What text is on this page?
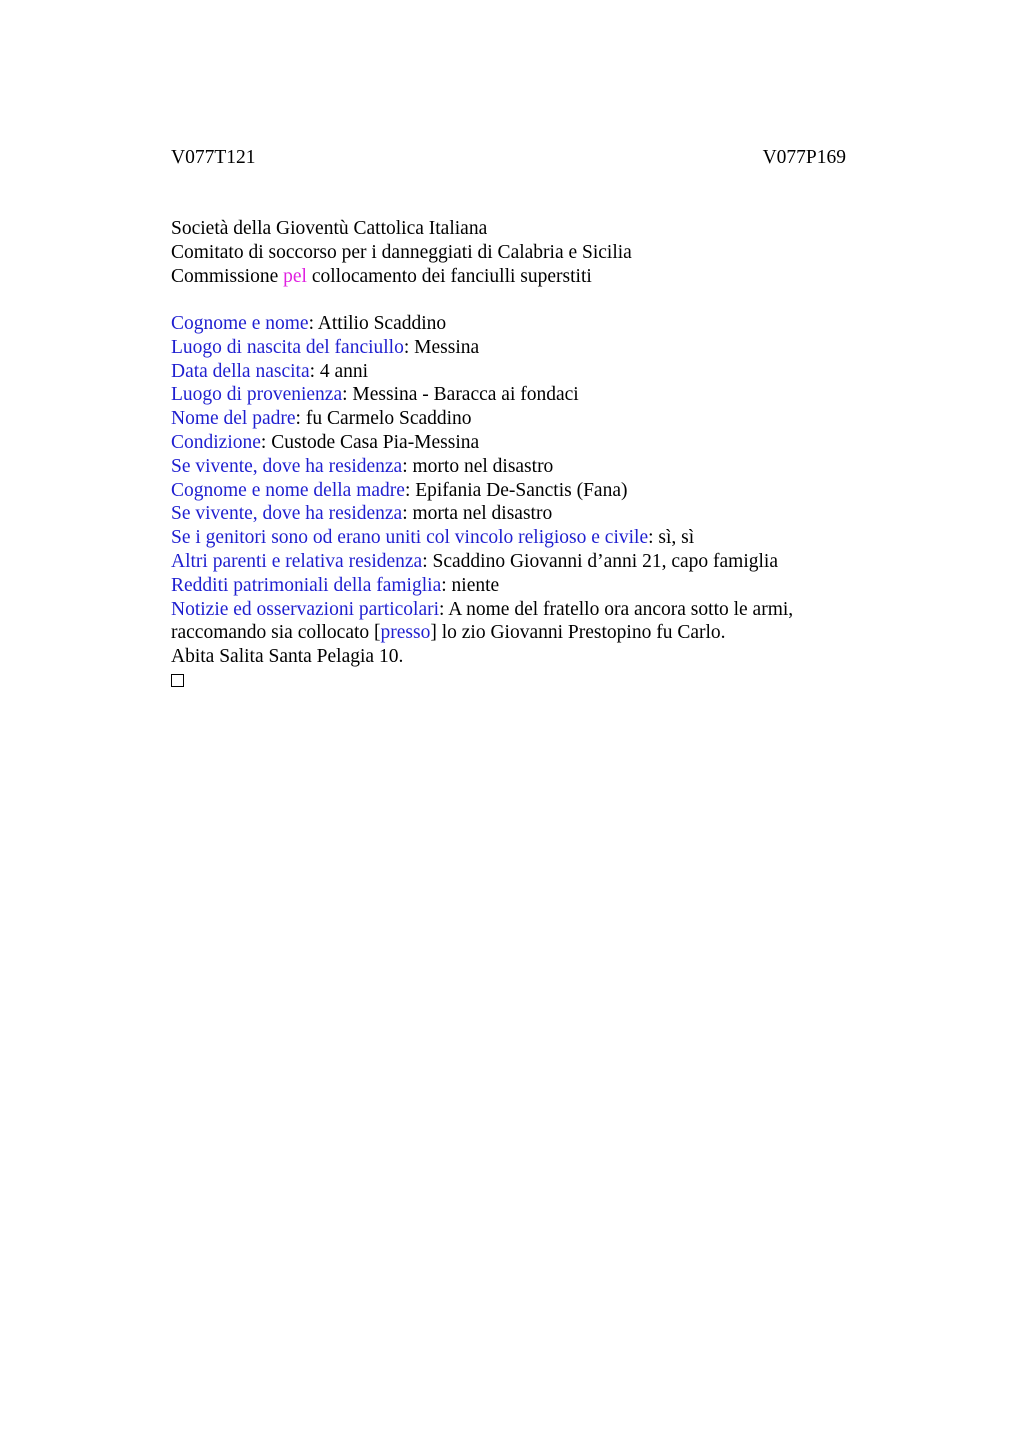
V077T121	V077P169
Società della Gioventù Cattolica Italiana
Comitato di soccorso per i danneggiati di Calabria e Sicilia
Commissione pel collocamento dei fanciulli superstiti
Cognome e nome: Attilio Scaddino
Luogo di nascita del fanciullo: Messina
Data della nascita: 4 anni
Luogo di provenienza: Messina - Baracca ai fondaci
Nome del padre: fu Carmelo Scaddino
Condizione: Custode Casa Pia-Messina
Se vivente, dove ha residenza: morto nel disastro
Cognome e nome della madre: Epifania De-Sanctis (Fana)
Se vivente, dove ha residenza: morta nel disastro
Se i genitori sono od erano uniti col vincolo religioso e civile: sì, sì
Altri parenti e relativa residenza: Scaddino Giovanni d’anni 21, capo famiglia
Redditi patrimoniali della famiglia: niente
Notizie ed osservazioni particolari: A nome del fratello ora ancora sotto le armi, raccomando sia collocato [presso] lo zio Giovanni Prestopino fu Carlo.
Abita Salita Santa Pelagia 10.
